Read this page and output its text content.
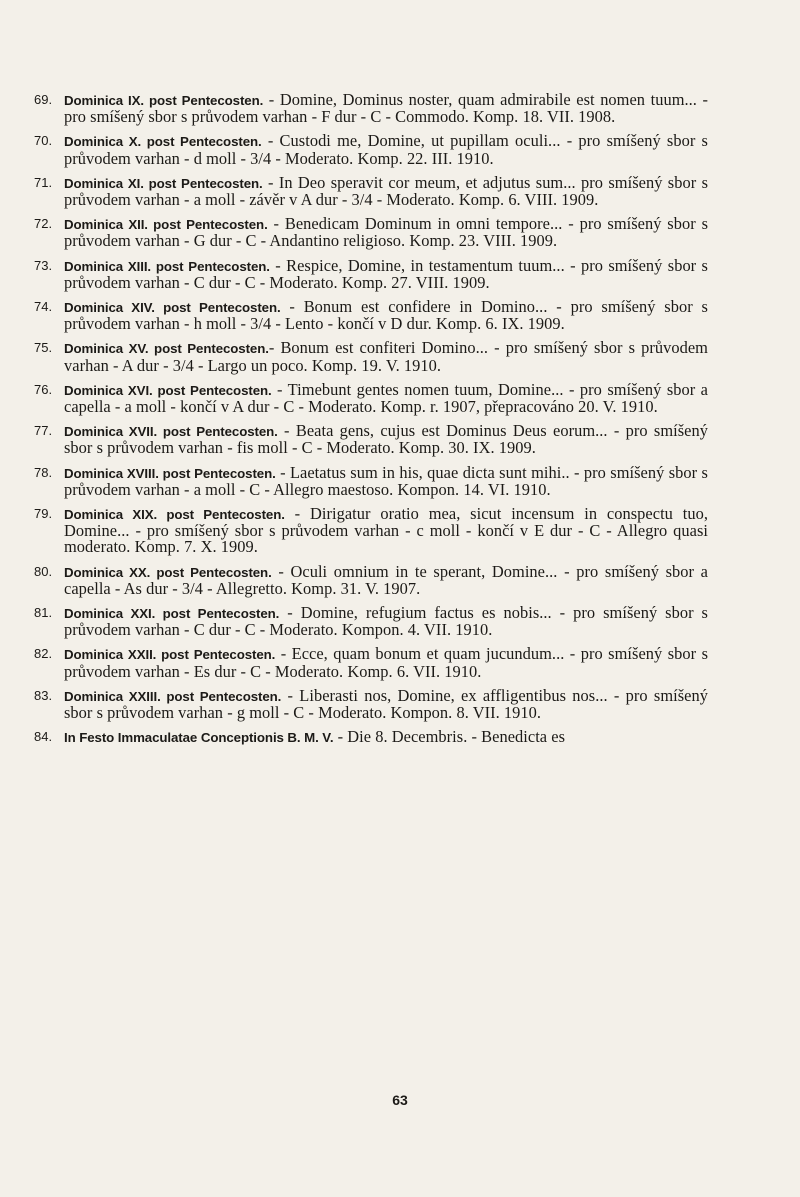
69. Dominica IX. post Pentecosten. - Domine, Dominus noster, quam admirabile est nomen tuum... - pro smíšený sbor s průvodem varhan - F dur - C - Commodo. Komp. 18. VII. 1908.
70. Dominica X. post Pentecosten. - Custodi me, Domine, ut pupillam oculi... - pro smíšený sbor s průvodem varhan - d moll - 3/4 - Moderato. Komp. 22. III. 1910.
71. Dominica XI. post Pentecosten. - In Deo speravit cor meum, et adjutus sum... pro smíšený sbor s průvodem varhan - a moll - závěr v A dur - 3/4 - Moderato. Komp. 6. VIII. 1909.
72. Dominica XII. post Pentecosten. - Benedicam Dominum in omni tempore... - pro smíšený sbor s průvodem varhan - G dur - C - Andantino religioso. Komp. 23. VIII. 1909.
73. Dominica XIII. post Pentecosten. - Respice, Domine, in testamentum tuum... - pro smíšený sbor s průvodem varhan - C dur - C - Moderato. Komp. 27. VIII. 1909.
74. Dominica XIV. post Pentecosten. - Bonum est confidere in Domino... - pro smíšený sbor s průvodem varhan - h moll - 3/4 - Lento - končí v D dur. Komp. 6. IX. 1909.
75. Dominica XV. post Pentecosten.- Bonum est confiteri Domino... - pro smíšený sbor s průvodem varhan - A dur - 3/4 - Largo un poco. Komp. 19. V. 1910.
76. Dominica XVI. post Pentecosten. - Timebunt gentes nomen tuum, Domine... - pro smíšený sbor a capella - a moll - končí v A dur - C - Moderato. Komp. r. 1907, přepracováno 20. V. 1910.
77. Dominica XVII. post Pentecosten. - Beata gens, cujus est Dominus Deus eorum... - pro smíšený sbor s průvodem varhan - fis moll - C - Moderato. Komp. 30. IX. 1909.
78. Dominica XVIII. post Pentecosten. - Laetatus sum in his, quae dicta sunt mihi.. - pro smíšený sbor s průvodem varhan - a moll - C - Allegro maestoso. Kompon. 14. VI. 1910.
79. Dominica XIX. post Pentecosten. - Dirigatur oratio mea, sicut incensum in conspectu tuo, Domine... - pro smíšený sbor s průvodem varhan - c moll - končí v E dur - C - Allegro quasi moderato. Komp. 7. X. 1909.
80. Dominica XX. post Pentecosten. - Oculi omnium in te sperant, Domine... - pro smíšený sbor a capella - As dur - 3/4 - Allegretto. Komp. 31. V. 1907.
81. Dominica XXI. post Pentecosten. - Domine, refugium factus es nobis... - pro smíšený sbor s průvodem varhan - C dur - C - Moderato. Kompon. 4. VII. 1910.
82. Dominica XXII. post Pentecosten. - Ecce, quam bonum et quam jucundum... - pro smíšený sbor s průvodem varhan - Es dur - C - Moderato. Komp. 6. VII. 1910.
83. Dominica XXIII. post Pentecosten. - Liberasti nos, Domine, ex affligentibus nos... - pro smíšený sbor s průvodem varhan - g moll - C - Moderato. Kompon. 8. VII. 1910.
84. In Festo Immaculatae Conceptionis B. M. V. - Die 8. Decembris. - Benedicta es
63
